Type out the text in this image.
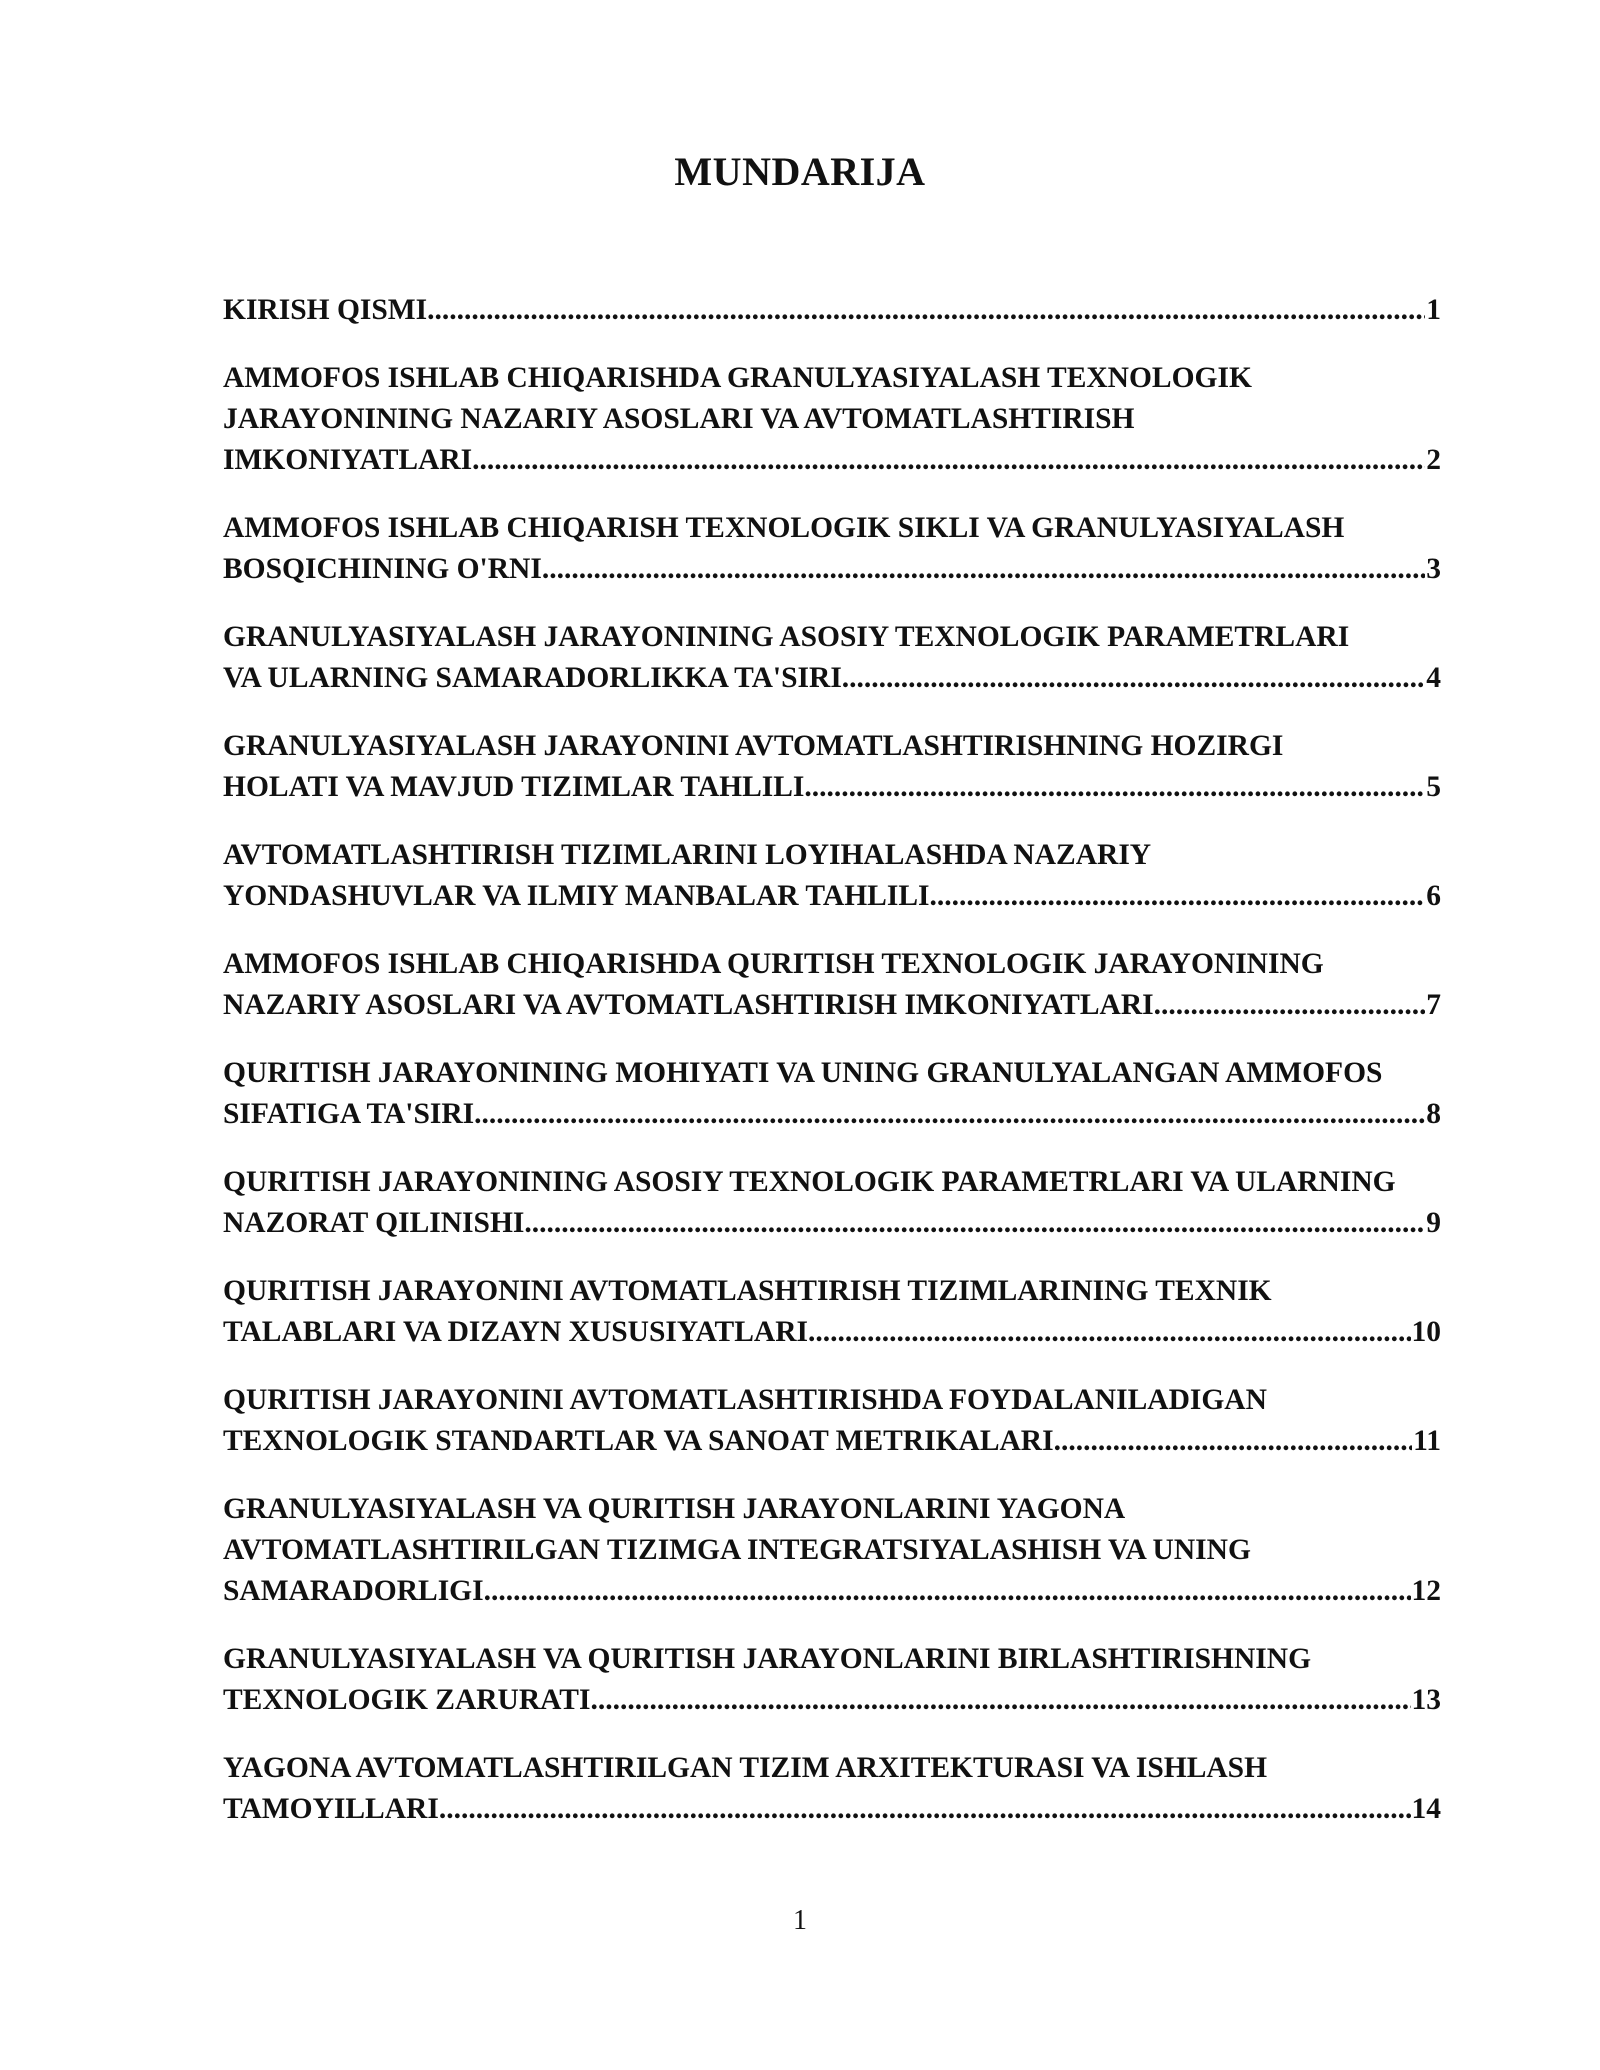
MUNDARIJA
KIRISH QISMI .....	1
AMMOFOS ISHLAB CHIQARISHDA GRANULYASIYALASH TEXNOLOGIK
JARAYONINING NAZARIY ASOSLARI VA AVTOMATLASHTIRISH
IMKONIYATLARI .....	2
AMMOFOS ISHLAB CHIQARISH TEXNOLOGIK SIKLI VA GRANULYASIYALASH
BOSQICHINING O'RNI .....	3
GRANULYASIYALASH JARAYONINING ASOSIY TEXNOLOGIK PARAMETRLARI
VA ULARNING SAMARADORLIKKA TA'SIRI .....	4
GRANULYASIYALASH JARAYONINI AVTOMATLASHTIRISHNING HOZIRGI
HOLATI VA MAVJUD TIZIMLAR TAHLILI .....	5
AVTOMATLASHTIRISH TIZIMLARINI LOYIHALASHDA NAZARIY
YONDASHUVLAR VA ILMIY MANBALAR TAHLILI .....	6
AMMOFOS ISHLAB CHIQARISHDA QURITISH TEXNOLOGIK JARAYONINING
NAZARIY ASOSLARI VA AVTOMATLASHTIRISH IMKONIYATLARI .....	7
QURITISH JARAYONINING MOHIYATI VA UNING GRANULYALANGAN AMMOFOS
SIFATIGA TA'SIRI .....	8
QURITISH JARAYONINING ASOSIY TEXNOLOGIK PARAMETRLARI VA ULARNING
NAZORAT QILINISHI .....	9
QURITISH JARAYONINI AVTOMATLASHTIRISH TIZIMLARINING TEXNIK
TALABLARI VA DIZAYN XUSUSIYATLARI .....	10
QURITISH JARAYONINI AVTOMATLASHTIRISHDA FOYDALANILADIGAN
TEXNOLOGIK STANDARTLAR VA SANOAT METRIKALARI .....	11
GRANULYASIYALASH VA QURITISH JARAYONLARINI YAGONA
AVTOMATLASHTIRILGAN TIZIMGA INTEGRATSIYALASHISH VA UNING
SAMARADORLIGI .....	12
GRANULYASIYALASH VA QURITISH JARAYONLARINI BIRLASHTIRISHNING
TEXNOLOGIK ZARURATI .....	13
YAGONA AVTOMATLASHTIRILGAN TIZIM ARXITEKTURASI VA ISHLASH
TAMOYILLARI .....	14
1
